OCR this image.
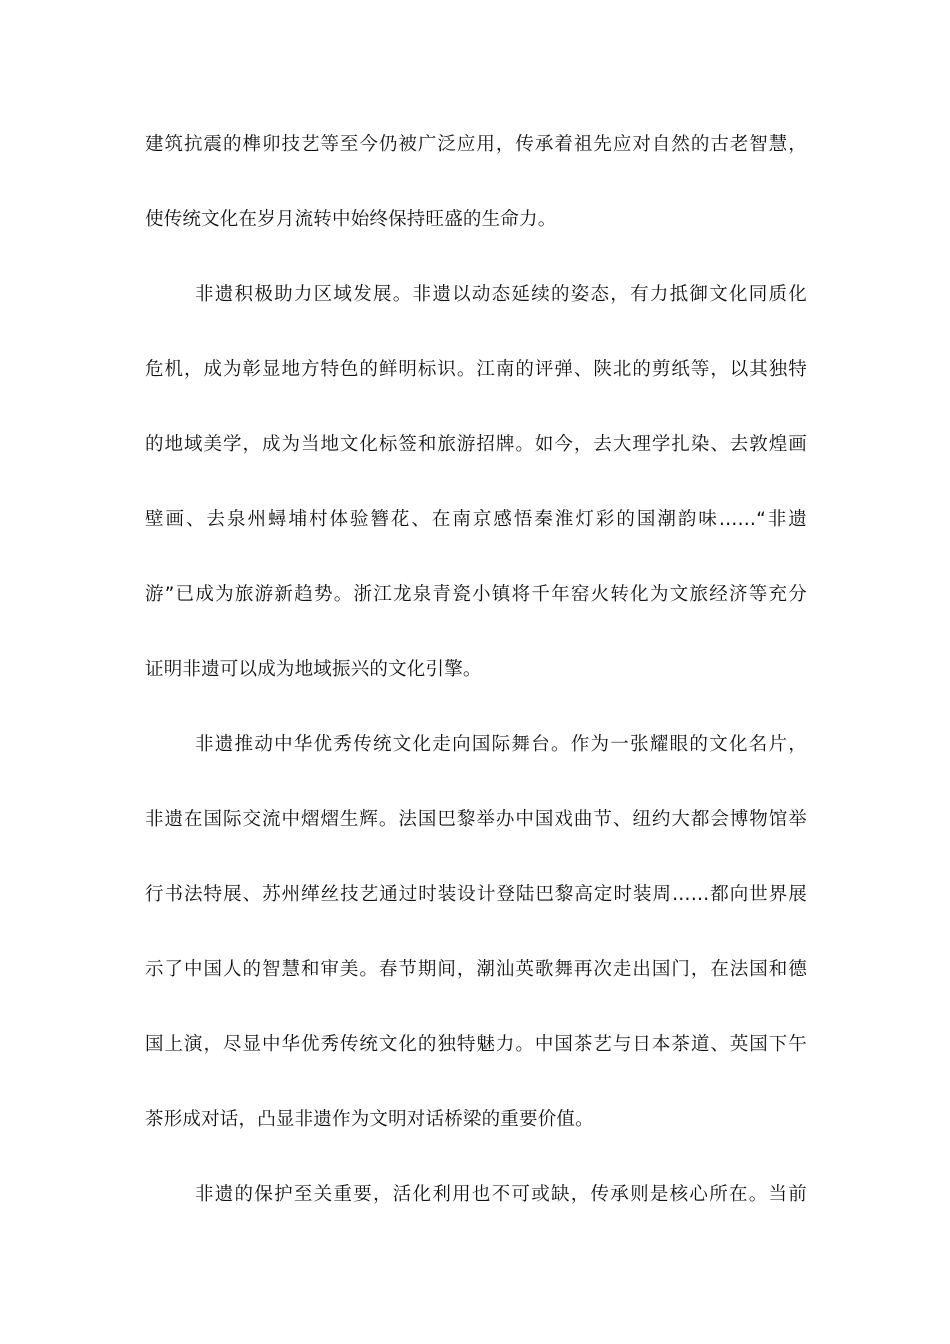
建筑抗震的榫卯技艺等至今仍被广泛应用，传承着祖先应对自然的古老智慧，
使传统文化在岁月流转中始终保持旺盛的生命力。
非遗积极助力区域发展。非遗以动态延续的姿态，有力抵御文化同质化
危机，成为彰显地方特色的鲜明标识。江南的评弹、陕北的剪纸等，以其独特
的地域美学，成为当地文化标签和旅游招牌。如今，去大理学扎染、去敦煌画
壁画、去泉州蟳埔村体验簪花、在南京感悟秦淮灯彩的国潮韵味……“非遗
游”已成为旅游新趋势。浙江龙泉青瓷小镇将千年窑火转化为文旅经济等充分
证明非遗可以成为地域振兴的文化引擎。
非遗推动中华优秀传统文化走向国际舞台。作为一张耀眼的文化名片，
非遗在国际交流中熠熠生辉。法国巴黎举办中国戏曲节、纽约大都会博物馆举
行书法特展、苏州缂丝技艺通过时装设计登陆巴黎高定时装周……都向世界展
示了中国人的智慧和审美。春节期间，潮汕英歌舞再次走出国门，在法国和德
国上演，尽显中华优秀传统文化的独特魅力。中国茶艺与日本茶道、英国下午
茶形成对话，凸显非遗作为文明对话桥梁的重要价值。
非遗的保护至关重要，活化利用也不可或缺，传承则是核心所在。当前
